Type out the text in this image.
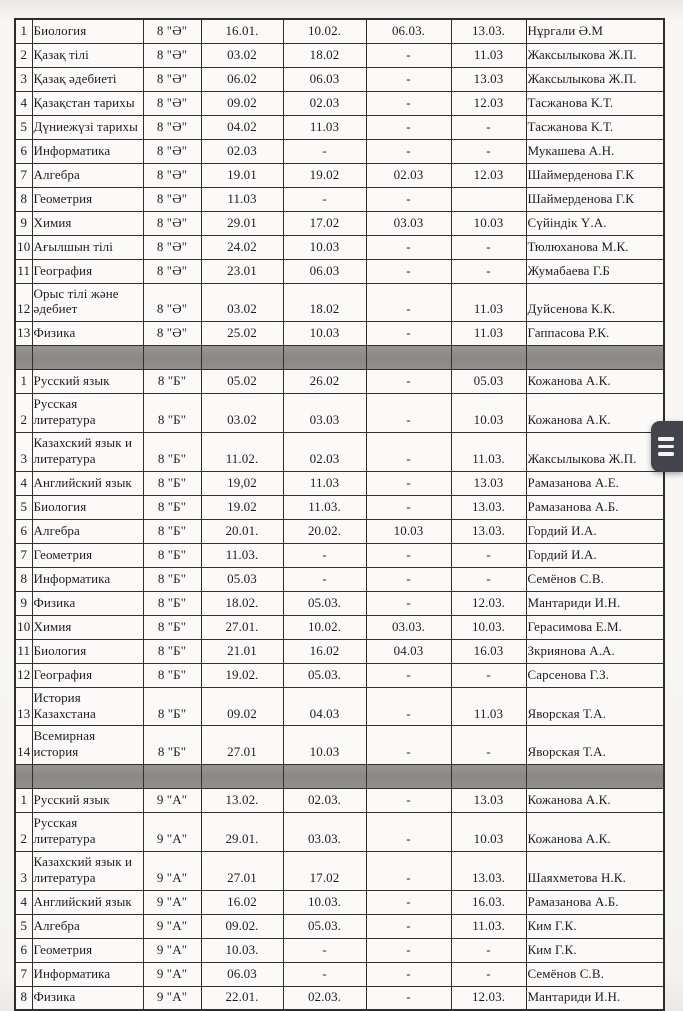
1	Биология	8 "Ә"	16.01.	10.02.	06.03.	13.03.	Нұргали Ә.М
2	Қазақ тілі	8 "Ә"	03.02	18.02	-	11.03	Жаксылыкова Ж.П.
3	Қазақ әдебиеті	8 "Ә"	06.02	06.03	-	13.03	Жаксылыкова Ж.П.
4	Қазақстан тарихы	8 "Ә"	09.02	02.03	-	12.03	Тасжанова К.Т.
5	Дүниежүзі тарихы	8 "Ә"	04.02	11.03	-	-	Тасжанова К.Т.
6	Информатика	8 "Ә"	02.03	-	-	-	Мукашева А.Н.
7	Алгебра	8 "Ә"	19.01	19.02	02.03	12.03	Шаймерденова Г.К
8	Геометрия	8 "Ә"	11.03	-	-		Шаймерденова Г.К
9	Химия	8 "Ә"	29.01	17.02	03.03	10.03	Сүйіндік Ү.А.
10	Ағылшын тілі	8 "Ә"	24.02	10.03	-	-	Тюлюханова М.К.
11	География	8 "Ә"	23.01	06.03	-	-	Жумабаева Г.Б
12	Орыс тілі және әдебиет	8 "Ә"	03.02	18.02	-	11.03	Дуйсенова К.К.
13	Физика	8 "Ә"	25.02	10.03	-	11.03	Гаппасова Р.К.

1	Русский язык	8 "Б"	05.02	26.02	-	05.03	Кожанова А.К.
2	Русская литература	8 "Б"	03.02	03.03	-	10.03	Кожанова А.К.
3	Казахский язык и литература	8 "Б"	11.02.	02.03	-	11.03.	Жаксылыкова Ж.П.
4	Английский язык	8 "Б"	19,02	11.03	-	13.03	Рамазанова А.Е.
5	Биология	8 "Б"	19.02	11.03.	-	13.03.	Рамазанова А.Б.
6	Алгебра	8 "Б"	20.01.	20.02.	10.03	13.03.	Гордий И.А.
7	Геометрия	8 "Б"	11.03.	-	-	-	Гордий И.А.
8	Информатика	8 "Б"	05.03	-	-	-	Семёнов С.В.
9	Физика	8 "Б"	18.02.	05.03.	-	12.03.	Мантариди И.Н.
10	Химия	8 "Б"	27.01.	10.02.	03.03.	10.03.	Герасимова Е.М.
11	Биология	8 "Б"	21.01	16.02	04.03	16.03	Зкриянова А.А.
12	География	8 "Б"	19.02.	05.03.	-	-	Сарсенова Г.З.
13	История Казахстана	8 "Б"	09.02	04.03	-	11.03	Яворская Т.А.
14	Всемирная история	8 "Б"	27.01	10.03	-	-	Яворская Т.А.

1	Русский язык	9 "А"	13.02.	02.03.	-	13.03	Кожанова А.К.
2	Русская литература	9 "А"	29.01.	03.03.	-	10.03	Кожанова А.К.
3	Казахский язык и литература	9 "А"	27.01	17.02	-	13.03.	Шаяхметова Н.К.
4	Английский язык	9 "А"	16.02	10.03.	-	16.03.	Рамазанова А.Б.
5	Алгебра	9 "А"	09.02.	05.03.	-	11.03.	Ким Г.К.
6	Геометрия	9 "А"	10.03.	-	-	-	Ким Г.К.
7	Информатика	9 "А"	06.03	-	-	-	Семёнов С.В.
8	Физика	9 "А"	22.01.	02.03.	-	12.03.	Мантариди И.Н.
